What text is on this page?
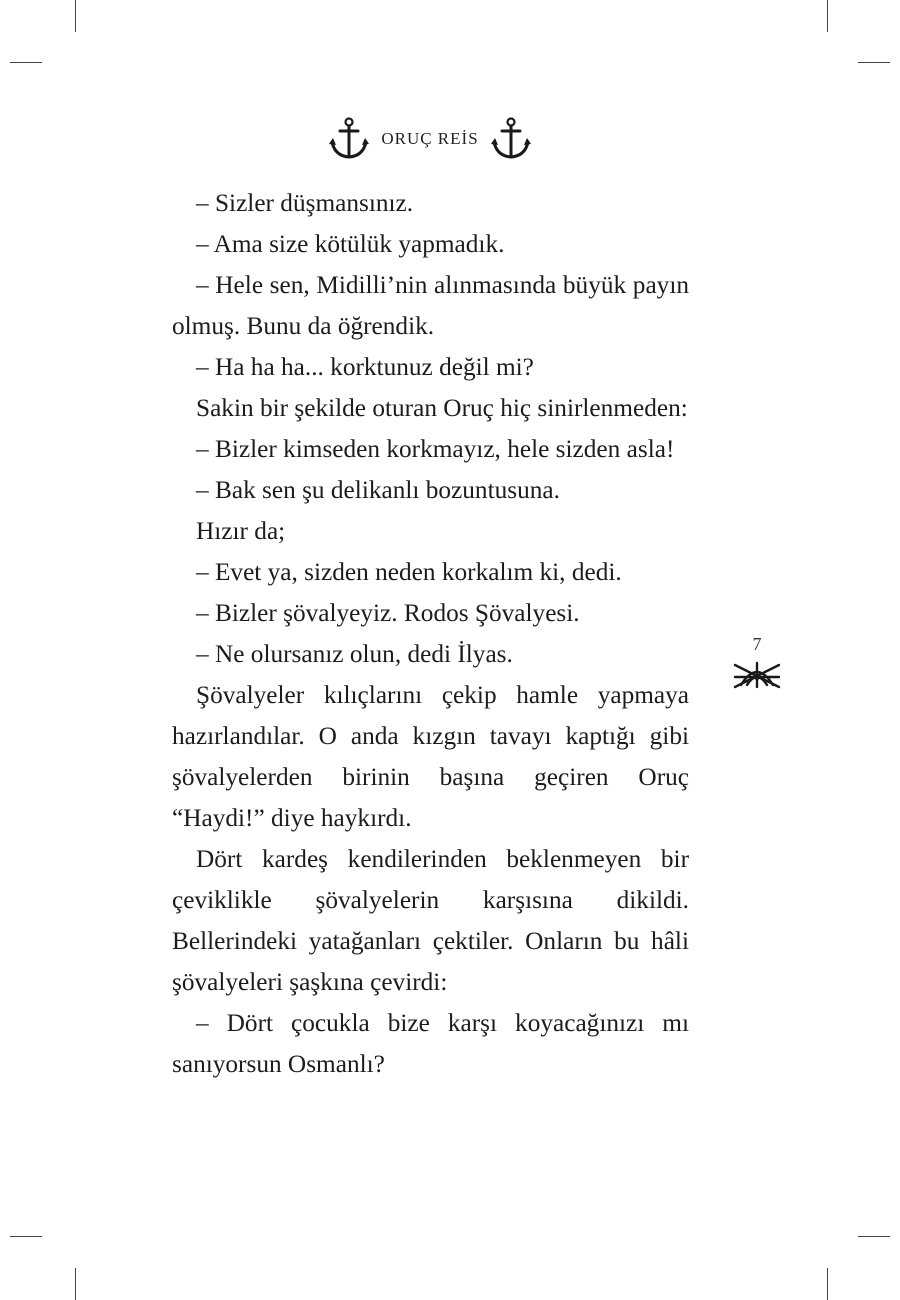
ORUÇ REİS

– Sizler düşmansınız.

– Ama size kötülük yapmadık.

– Hele sen, Midilli’nin alınmasında büyük payın olmuş. Bunu da öğrendik.

– Ha ha ha... korktunuz değil mi?

Sakin bir şekilde oturan Oruç hiç sinirlenmeden:

– Bizler kimseden korkmayız, hele sizden asla!

– Bak sen şu delikanlı bozuntusuna.

Hızır da;

– Evet ya, sizden neden korkalım ki, dedi.

– Bizler şövalyeyiz. Rodos Şövalyesi.

– Ne olursanız olun, dedi İlyas.

Şövalyeler kılıçlarını çekip hamle yapmaya hazırlandılar. O anda kızgın tavayı kaptığı gibi şövalyelerden birinin başına geçiren Oruç “Haydi!” diye haykırdı.

Dört kardeş kendilerinden beklenmeyen bir çeviklikle şövalyelerin karşısına dikildi. Bellerindeki yatağanları çektiler. Onların bu hâli şövalyeleri şaşkına çevirdi:

– Dört çocukla bize karşı koyacağınızı mı sanıyorsun Osmanlı?

7
